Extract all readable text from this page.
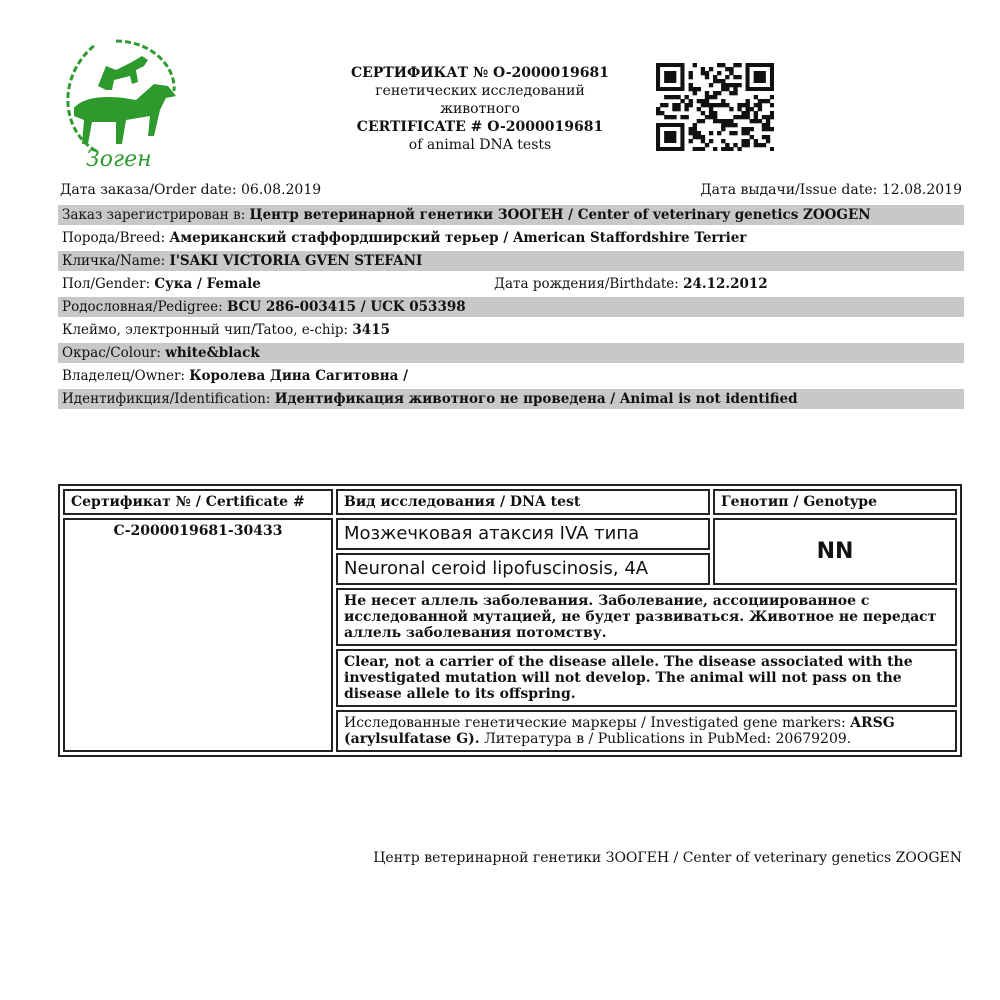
Зоген
СЕРТИФИКАТ № O-2000019681
генетических исследований
животного
CERTIFICATE # O-2000019681
of animal DNA tests
Дата заказа/Order date: 06.08.2019	Дата выдачи/Issue date: 12.08.2019
Заказ зарегистрирован в: Центр ветеринарной генетики ЗООГЕН / Center of veterinary genetics ZOOGEN
Порода/Breed: Американский стаффордширский терьер / American Staffordshire Terrier
Кличка/Name: I'SAKI VICTORIA GVEN STEFANI
Пол/Gender: Сука / Female	Дата рождения/Birthdate: 24.12.2012
Родословная/Pedigree: BCU 286-003415 / UCK 053398
Клеймо, электронный чип/Tatoo, e-chip: 3415
Окрас/Colour: white&black
Владелец/Owner: Королева Дина Сагитовна /
Идентификция/Identification: Идентификация животного не проведена / Animal is not identified
Сертификат № / Certificate #	Вид исследования / DNA test	Генотип / Genotype
C-2000019681-30433	Мозжечковая атаксия IVA типа	NN
	Neuronal ceroid lipofuscinosis, 4A	
	Не несет аллель заболевания. Заболевание, ассоциированное с исследованной мутацией, не будет развиваться. Животное не передаст аллель заболевания потомству.	
	Clear, not a carrier of the disease allele. The disease associated with the investigated mutation will not develop. The animal will not pass on the disease allele to its offspring.	
	Исследованные генетические маркеры / Investigated gene markers: ARSG (arylsulfatase G). Литература в / Publications in PubMed: 20679209.	
Центр ветеринарной генетики ЗООГЕН / Center of veterinary genetics ZOOGEN
